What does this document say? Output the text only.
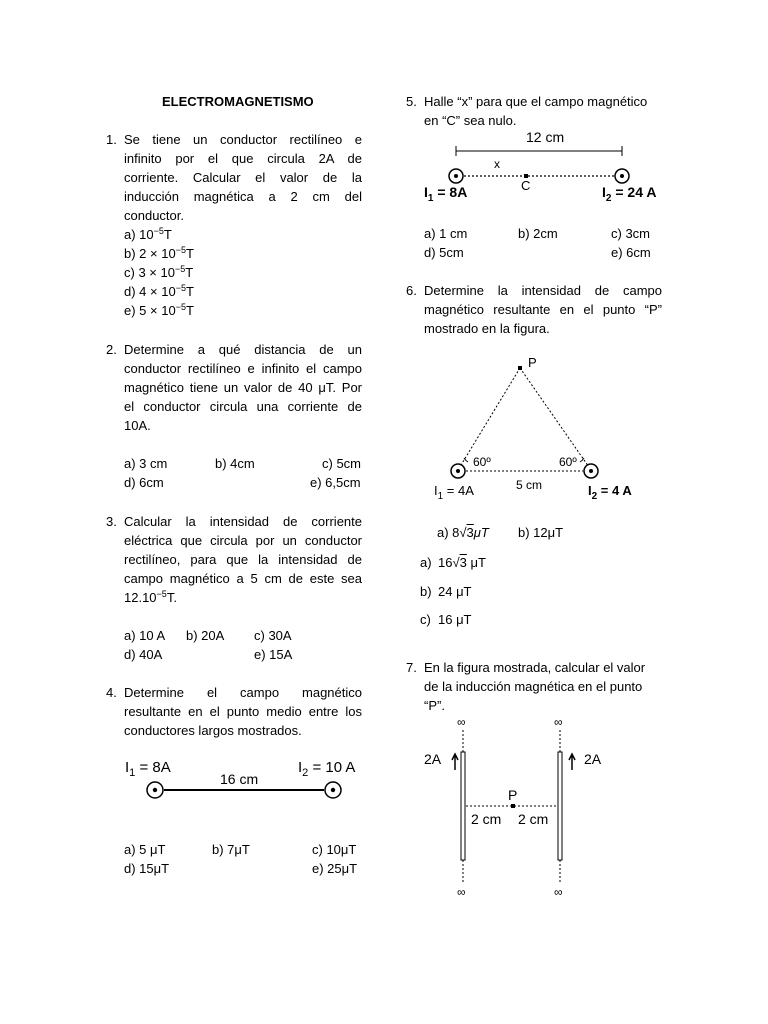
ELECTROMAGNETISMO
1. Se tiene un conductor rectilíneo e
infinito por el que circula 2A de
corriente. Calcular el valor de la
inducción magnética a 2 cm del
conductor.
a) $10^{-5}T$
b) $2 \times 10^{-5}T$
c) $3 \times 10^{-5}T$
d) $4 \times 10^{-5}T$
e) $5 \times 10^{-5}T$
2. Determine a qué distancia de un
conductor rectilíneo e infinito el campo
magnético tiene un valor de 40 μT. Por
el conductor circula una corriente de
10A.
a) 3 cm	b) 4cm	c) 5cm
d) 6cm	e) 6,5cm
3. Calcular la intensidad de corriente
eléctrica que circula por un conductor
rectilíneo, para que la intensidad de
campo magnético a 5 cm de este sea
$12.10^{-5}T$.
a) 10 A b) 20A c) 30A
d) 40A	e) 15A
4. Determine el campo magnético
resultante en el punto medio entre los
conductores largos mostrados.
$I_1 = 8A$	$I_2 = 10$ A
16 cm
a) 5 μT	b) 7μT	c) 10μT
d) 15μT	e) 25μT
5. Halle “x” para que el campo magnético
en “C” sea nulo.
12 cm
x
C
$I_1 = 8A$	$I_2 = 24$ A
a) 1 cm	b) 2cm	c) 3cm
d) 5cm	e) 6cm
6. Determine la intensidad de campo
magnético resultante en el punto “P”
mostrado en la figura.
P
60º	60º
$I_1 = 4A$	5 cm	$I_2 = 4$ A
a) 8√3μT b) 12μT
a) 16√3 μT
b) 24 μT
c) 16 μT
7. En la figura mostrada, calcular el valor
de la inducción magnética en el punto
“P”.
∞	∞
∞	∞
2A	2A
P
2 cm 2 cm
